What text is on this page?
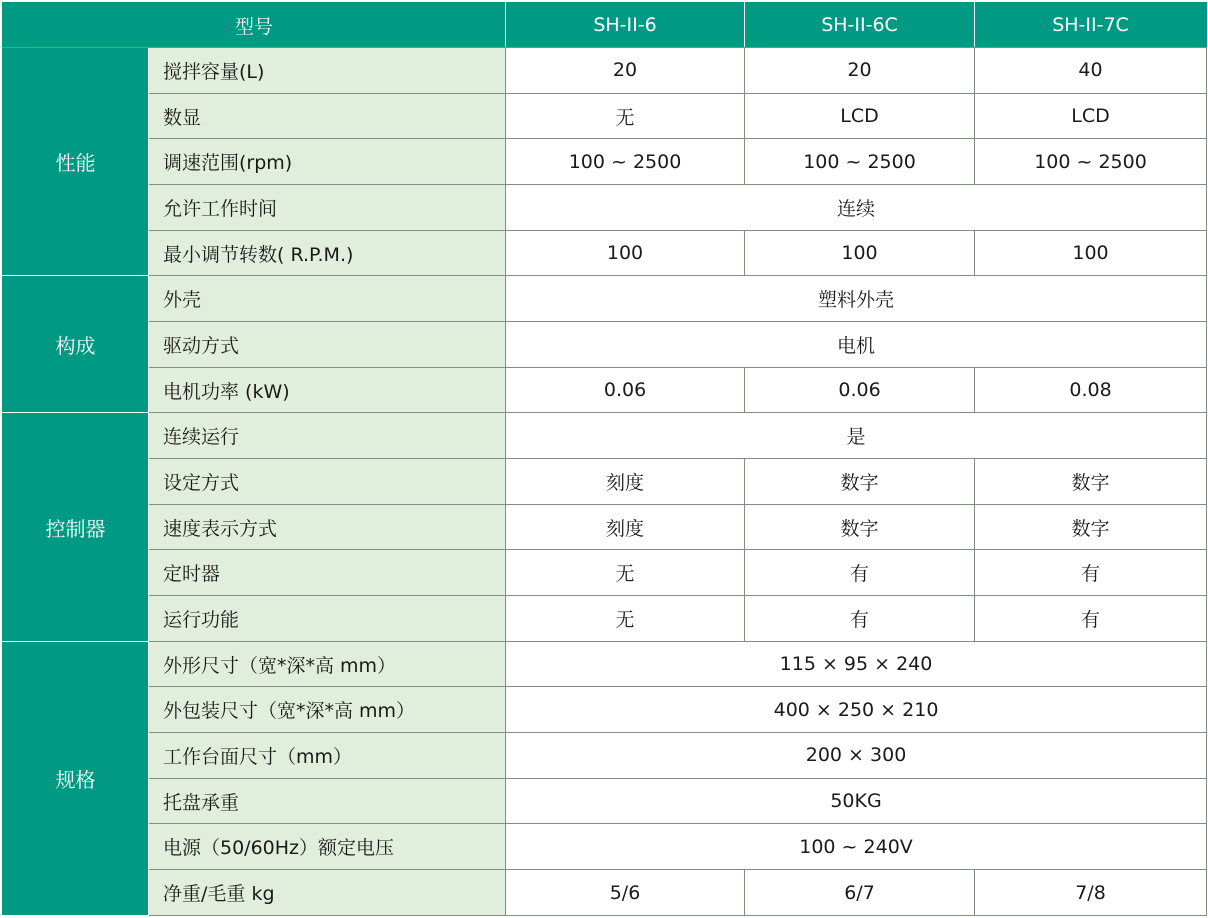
型号		SH-II-6	SH-II-6C	SH-II-7C
性能	搅拌容量(L)	20	20	40
	数显	无	LCD	LCD
	调速范围(rpm)	100 ~ 2500	100 ~ 2500	100 ~ 2500
	允许工作时间	连续		
	最小调节转数( R.P.M.)	100	100	100
构成	外壳	塑料外壳		
	驱动方式	电机		
	电机功率 (kW)	0.06	0.06	0.08
控制器	连续运行	是		
	设定方式	刻度	数字	数字
	速度表示方式	刻度	数字	数字
	定时器	无	有	有
	运行功能	无	有	有
规格	外形尺寸（宽*深*高 mm）	115 × 95 × 240		
	外包装尺寸（宽*深*高 mm）	400 × 250 × 210		
	工作台面尺寸（mm）	200 × 300		
	托盘承重	50KG		
	电源（50/60Hz）额定电压	100 ~ 240V		
	净重/毛重 kg	5/6	6/7	7/8
